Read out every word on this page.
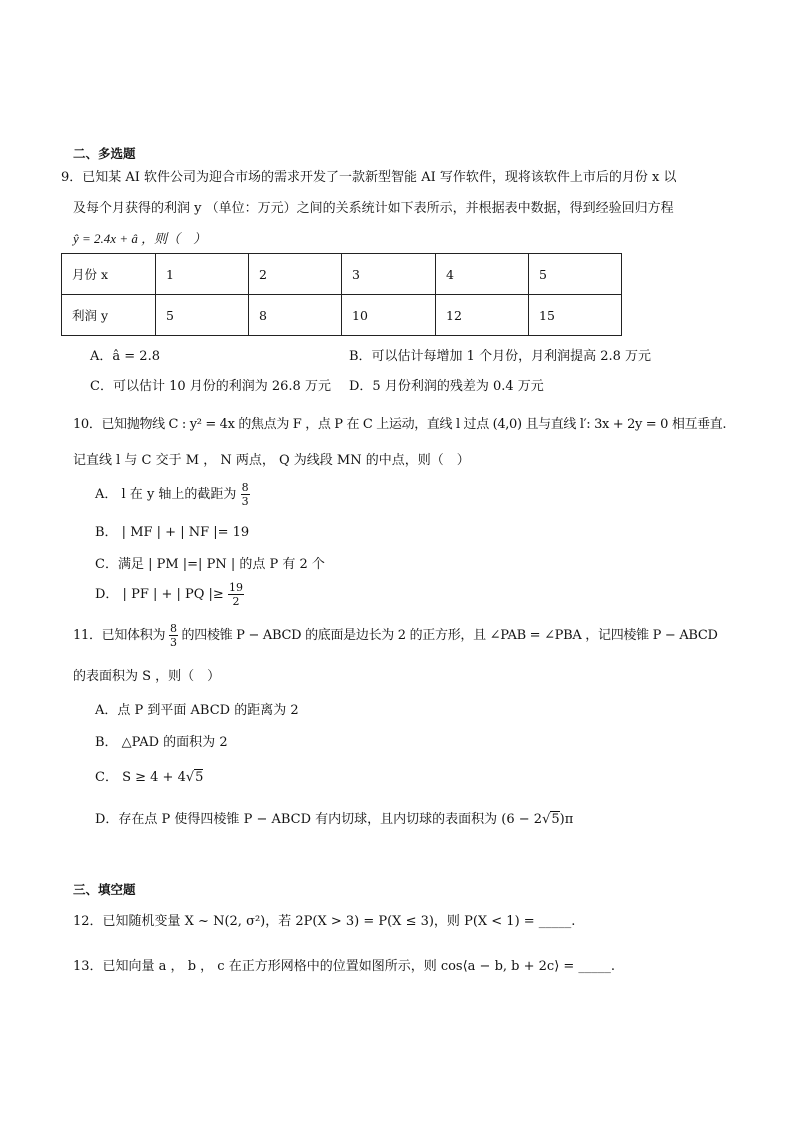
二、多选题
9．已知某 AI 软件公司为迎合市场的需求开发了一款新型智能 AI 写作软件，现将该软件上市后的月份 x 以
及每个月获得的利润 y （单位：万元）之间的关系统计如下表所示，并根据表中数据，得到经验回归方程
ŷ = 2.4x + â ，则（　）
月份 x	1	2	3	4	5
利润 y	5	8	10	12	15
A．â = 2.8	B．可以估计每增加 1 个月份，月利润提高 2.8 万元
C．可以估计 10 月份的利润为 26.8 万元 D．5 月份利润的残差为 0.4 万元
10．已知抛物线 C : y² = 4x 的焦点为 F ，点 P 在 C 上运动，直线 l 过点 (4,0) 且与直线 l′: 3x + 2y = 0 相互垂直.
记直线 l 与 C 交于 M ， N 两点， Q 为线段 MN 的中点，则（　）
A． l 在 y 轴上的截距为 $\frac{8}{3}$
B． | MF | + | NF |= 19
C．满足 | PM |=| PN | 的点 P 有 2 个
D． | PF | + | PQ |≥ $\frac{19}{2}$
11．已知体积为 $\frac{8}{3}$ 的四棱锥 P − ABCD 的底面是边长为 2 的正方形，且 ∠PAB = ∠PBA ，记四棱锥 P − ABCD
的表面积为 S ，则（　）
A．点 P 到平面 ABCD 的距离为 2
B． △PAD 的面积为 2
C． S ≥ 4 + 4√5
D．存在点 P 使得四棱锥 P − ABCD 有内切球，且内切球的表面积为 (6 − 2√5)π
三、填空题
12．已知随机变量 X ~ N(2, σ²)，若 2P(X > 3) = P(X ≤ 3)，则 P(X < 1) = _____.
13．已知向量 a ， b ， c 在正方形网格中的位置如图所示，则 cos⟨a − b, b + 2c⟩ = _____.
